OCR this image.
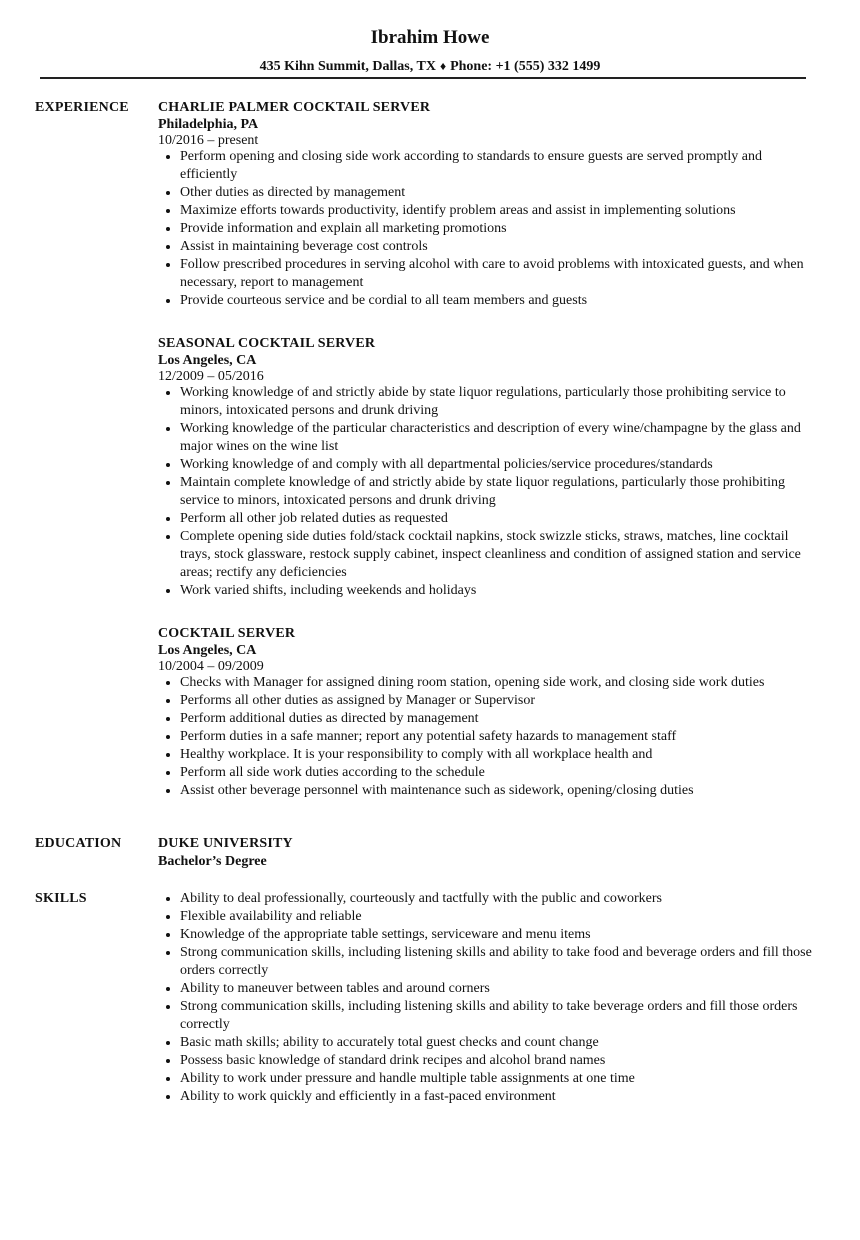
Ibrahim Howe
435 Kihn Summit, Dallas, TX ♦ Phone: +1 (555) 332 1499
EXPERIENCE CHARLIE PALMER COCKTAIL SERVER
Philadelphia, PA
10/2016 – present
• Perform opening and closing side work according to standards to ensure guests are served promptly and efficiently
• Other duties as directed by management
• Maximize efforts towards productivity, identify problem areas and assist in implementing solutions
• Provide information and explain all marketing promotions
• Assist in maintaining beverage cost controls
• Follow prescribed procedures in serving alcohol with care to avoid problems with intoxicated guests, and when necessary, report to management
• Provide courteous service and be cordial to all team members and guests
SEASONAL COCKTAIL SERVER
Los Angeles, CA
12/2009 – 05/2016
• Working knowledge of and strictly abide by state liquor regulations, particularly those prohibiting service to minors, intoxicated persons and drunk driving
• Working knowledge of the particular characteristics and description of every wine/champagne by the glass and major wines on the wine list
• Working knowledge of and comply with all departmental policies/service procedures/standards
• Maintain complete knowledge of and strictly abide by state liquor regulations, particularly those prohibiting service to minors, intoxicated persons and drunk driving
• Perform all other job related duties as requested
• Complete opening side duties fold/stack cocktail napkins, stock swizzle sticks, straws, matches, line cocktail trays, stock glassware, restock supply cabinet, inspect cleanliness and condition of assigned station and service areas; rectify any deficiencies
• Work varied shifts, including weekends and holidays
COCKTAIL SERVER
Los Angeles, CA
10/2004 – 09/2009
• Checks with Manager for assigned dining room station, opening side work, and closing side work duties
• Performs all other duties as assigned by Manager or Supervisor
• Perform additional duties as directed by management
• Perform duties in a safe manner; report any potential safety hazards to management staff
• Healthy workplace. It is your responsibility to comply with all workplace health and
• Perform all side work duties according to the schedule
• Assist other beverage personnel with maintenance such as sidework, opening/closing duties
EDUCATION	DUKE UNIVERSITY
Bachelor’s Degree
SKILLS
•	Ability to deal professionally, courteously and tactfully with the public and coworkers
• Flexible availability and reliable
• Knowledge of the appropriate table settings, serviceware and menu items
• Strong communication skills, including listening skills and ability to take food and beverage orders and fill those orders correctly
• Ability to maneuver between tables and around corners
• Strong communication skills, including listening skills and ability to take beverage orders and fill those orders correctly
• Basic math skills; ability to accurately total guest checks and count change
• Possess basic knowledge of standard drink recipes and alcohol brand names
• Ability to work under pressure and handle multiple table assignments at one time
• Ability to work quickly and efficiently in a fast-paced environment
